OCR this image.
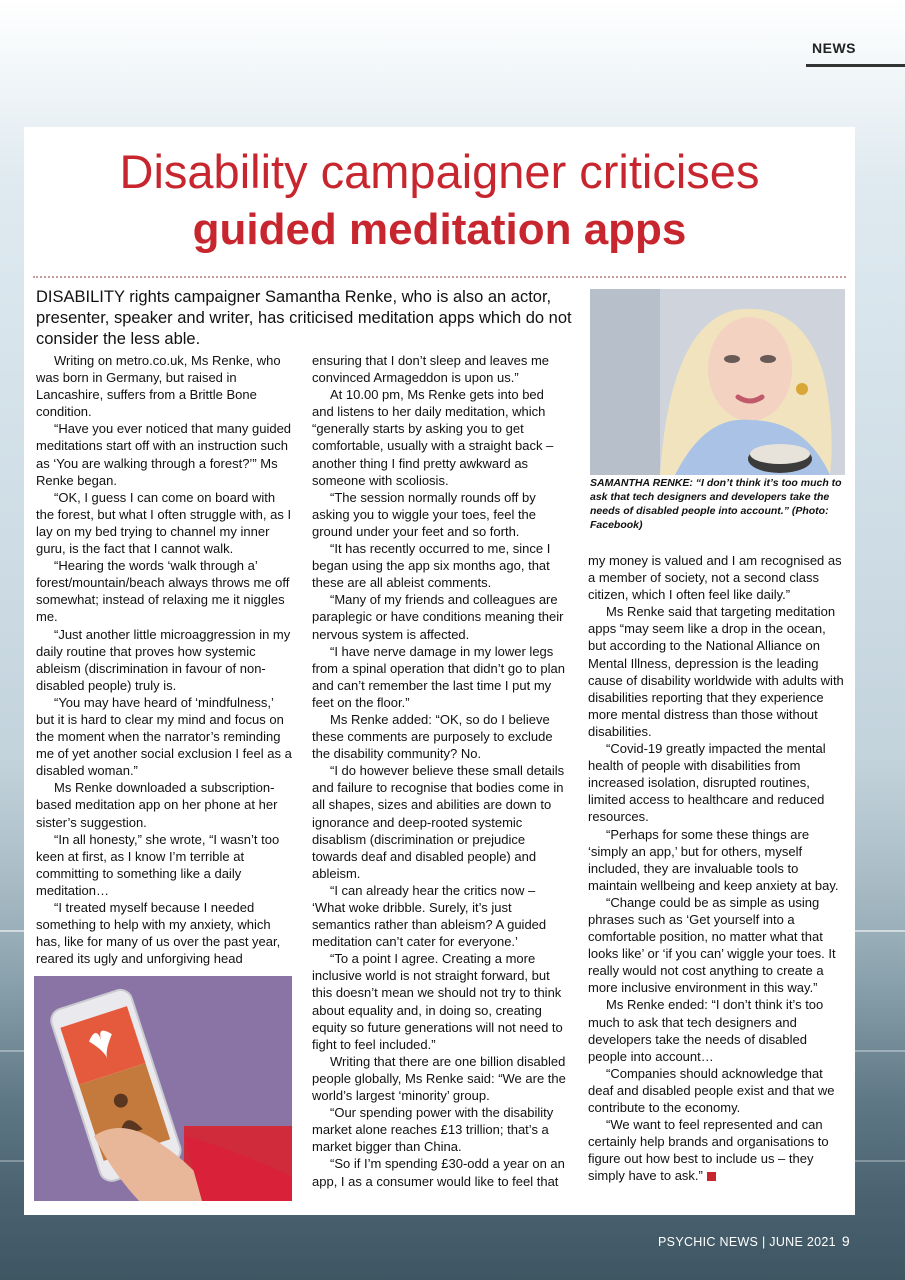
NEWS
Disability campaigner criticises
guided meditation apps
DISABILITY rights campaigner Samantha Renke, who is also an actor, presenter, speaker and writer, has criticised meditation apps which do not consider the less able.

Writing on metro.co.uk, Ms Renke, who was born in Germany, but raised in Lancashire, suffers from a Brittle Bone condition.

“Have you ever noticed that many guided meditations start off with an instruction such as ‘You are walking through a forest?’” Ms Renke began.

“OK, I guess I can come on board with the forest, but what I often struggle with, as I lay on my bed trying to channel my inner guru, is the fact that I cannot walk.

“Hearing the words ‘walk through a’ forest/mountain/beach always throws me off somewhat; instead of relaxing me it niggles me.

“Just another little microaggression in my daily routine that proves how systemic ableism (discrimination in favour of non-disabled people) truly is.

“You may have heard of ‘mindfulness,’ but it is hard to clear my mind and focus on the moment when the narrator’s reminding me of yet another social exclusion I feel as a disabled woman.”

Ms Renke downloaded a subscription-based meditation app on her phone at her sister’s suggestion.

“In all honesty,” she wrote, “I wasn’t too keen at first, as I know I’m terrible at committing to something like a daily meditation…

“I treated myself because I needed something to help with my anxiety, which has, like for many of us over the past year, reared its ugly and unforgiving head

ensuring that I don’t sleep and leaves me convinced Armageddon is upon us.”

At 10.00 pm, Ms Renke gets into bed and listens to her daily meditation, which “generally starts by asking you to get comfortable, usually with a straight back – another thing I find pretty awkward as someone with scoliosis.

“The session normally rounds off by asking you to wiggle your toes, feel the ground under your feet and so forth.

“It has recently occurred to me, since I began using the app six months ago, that these are all ableist comments.

“Many of my friends and colleagues are paraplegic or have conditions meaning their nervous system is affected.

“I have nerve damage in my lower legs from a spinal operation that didn’t go to plan and can’t remember the last time I put my feet on the floor.”

Ms Renke added: “OK, so do I believe these comments are purposely to exclude the disability community? No.

“I do however believe these small details and failure to recognise that bodies come in all shapes, sizes and abilities are down to ignorance and deep-rooted systemic disablism (discrimination or prejudice towards deaf and disabled people) and ableism.

“I can already hear the critics now – ‘What woke dribble. Surely, it’s just semantics rather than ableism? A guided meditation can’t cater for everyone.’

“To a point I agree. Creating a more inclusive world is not straight forward, but this doesn’t mean we should not try to think about equality and, in doing so, creating equity so future generations will not need to fight to feel included.”

Writing that there are one billion disabled people globally, Ms Renke said: “We are the world’s largest ‘minority’ group.

“Our spending power with the disability market alone reaches £13 trillion; that’s a market bigger than China.

“So if I’m spending £30-odd a year on an app, I as a consumer would like to feel that

SAMANTHA RENKE: “I don’t think it’s too much to ask that tech designers and developers take the needs of disabled people into account.” (Photo: Facebook)

my money is valued and I am recognised as a member of society, not a second class citizen, which I often feel like daily.”

Ms Renke said that targeting meditation apps “may seem like a drop in the ocean, but according to the National Alliance on Mental Illness, depression is the leading cause of disability worldwide with adults with disabilities reporting that they experience more mental distress than those without disabilities.

“Covid-19 greatly impacted the mental health of people with disabilities from increased isolation, disrupted routines, limited access to healthcare and reduced resources.

“Perhaps for some these things are ‘simply an app,’ but for others, myself included, they are invaluable tools to maintain wellbeing and keep anxiety at bay.

“Change could be as simple as using phrases such as ‘Get yourself into a comfortable position, no matter what that looks like’ or ‘if you can’ wiggle your toes. It really would not cost anything to create a more inclusive environment in this way.”

Ms Renke ended: “I don’t think it’s too much to ask that tech designers and developers take the needs of disabled people into account…

“Companies should acknowledge that deaf and disabled people exist and that we contribute to the economy.

“We want to feel represented and can certainly help brands and organisations to figure out how best to include us – they simply have to ask.”

PSYCHIC NEWS | JUNE 2021 9
